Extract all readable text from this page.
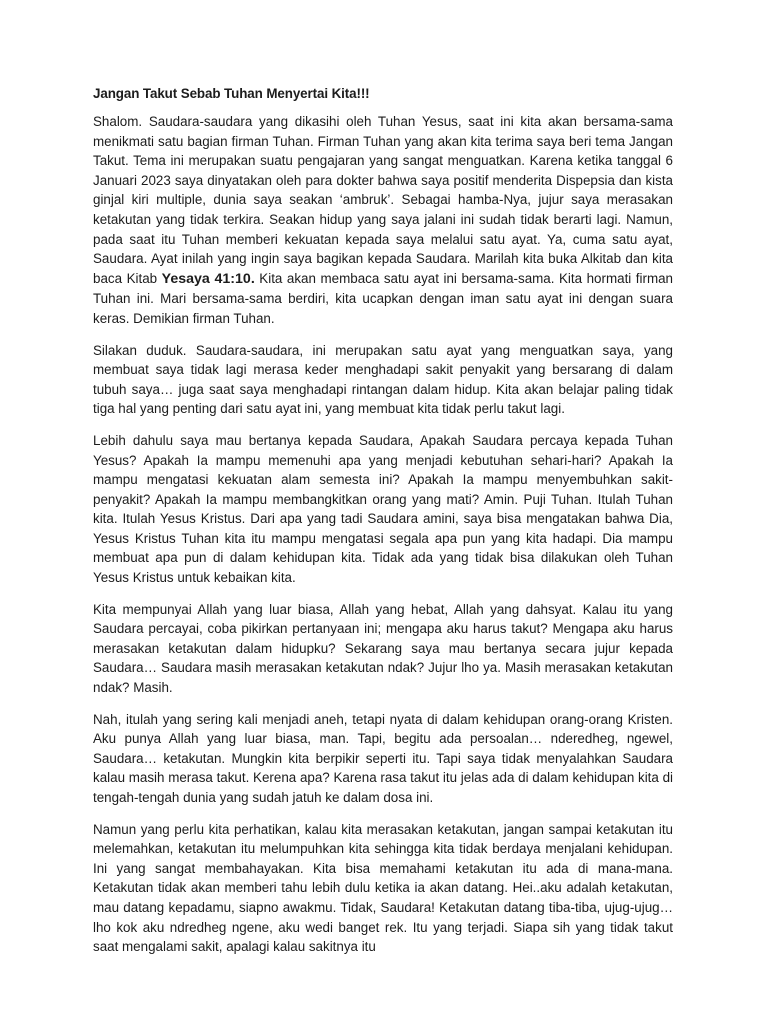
Jangan Takut Sebab Tuhan Menyertai Kita!!!

Shalom. Saudara-saudara yang dikasihi oleh Tuhan Yesus, saat ini kita akan bersama-sama menikmati satu bagian firman Tuhan. Firman Tuhan yang akan kita terima saya beri tema Jangan Takut. Tema ini merupakan suatu pengajaran yang sangat menguatkan. Karena ketika tanggal 6 Januari 2023 saya dinyatakan oleh para dokter bahwa saya positif menderita Dispepsia dan kista ginjal kiri multiple, dunia saya seakan ‘ambruk’. Sebagai hamba-Nya, jujur saya merasakan ketakutan yang tidak terkira. Seakan hidup yang saya jalani ini sudah tidak berarti lagi. Namun, pada saat itu Tuhan memberi kekuatan kepada saya melalui satu ayat. Ya, cuma satu ayat, Saudara. Ayat inilah yang ingin saya bagikan kepada Saudara. Marilah kita buka Alkitab dan kita baca Kitab Yesaya 41:10. Kita akan membaca satu ayat ini bersama-sama. Kita hormati firman Tuhan ini. Mari bersama-sama berdiri, kita ucapkan dengan iman satu ayat ini dengan suara keras. Demikian firman Tuhan.

Silakan duduk. Saudara-saudara, ini merupakan satu ayat yang menguatkan saya, yang membuat saya tidak lagi merasa keder menghadapi sakit penyakit yang bersarang di dalam tubuh saya… juga saat saya menghadapi rintangan dalam hidup. Kita akan belajar paling tidak tiga hal yang penting dari satu ayat ini, yang membuat kita tidak perlu takut lagi.

Lebih dahulu saya mau bertanya kepada Saudara, Apakah Saudara percaya kepada Tuhan Yesus? Apakah Ia mampu memenuhi apa yang menjadi kebutuhan sehari-hari? Apakah Ia mampu mengatasi kekuatan alam semesta ini? Apakah Ia mampu menyembuhkan sakit-penyakit? Apakah Ia mampu membangkitkan orang yang mati? Amin. Puji Tuhan. Itulah Tuhan kita. Itulah Yesus Kristus. Dari apa yang tadi Saudara amini, saya bisa mengatakan bahwa Dia, Yesus Kristus Tuhan kita itu mampu mengatasi segala apa pun yang kita hadapi. Dia mampu membuat apa pun di dalam kehidupan kita. Tidak ada yang tidak bisa dilakukan oleh Tuhan Yesus Kristus untuk kebaikan kita.

Kita mempunyai Allah yang luar biasa, Allah yang hebat, Allah yang dahsyat. Kalau itu yang Saudara percayai, coba pikirkan pertanyaan ini; mengapa aku harus takut? Mengapa aku harus merasakan ketakutan dalam hidupku? Sekarang saya mau bertanya secara jujur kepada Saudara… Saudara masih merasakan ketakutan ndak? Jujur lho ya. Masih merasakan ketakutan ndak? Masih.

Nah, itulah yang sering kali menjadi aneh, tetapi nyata di dalam kehidupan orang-orang Kristen. Aku punya Allah yang luar biasa, man. Tapi, begitu ada persoalan… nderedheg, ngewel, Saudara… ketakutan. Mungkin kita berpikir seperti itu. Tapi saya tidak menyalahkan Saudara kalau masih merasa takut. Kerena apa? Karena rasa takut itu jelas ada di dalam kehidupan kita di tengah-tengah dunia yang sudah jatuh ke dalam dosa ini.

Namun yang perlu kita perhatikan, kalau kita merasakan ketakutan, jangan sampai ketakutan itu melemahkan, ketakutan itu melumpuhkan kita sehingga kita tidak berdaya menjalani kehidupan. Ini yang sangat membahayakan. Kita bisa memahami ketakutan itu ada di mana-mana. Ketakutan tidak akan memberi tahu lebih dulu ketika ia akan datang. Hei..aku adalah ketakutan, mau datang kepadamu, siapno awakmu. Tidak, Saudara! Ketakutan datang tiba-tiba, ujug-ujug… lho kok aku ndredheg ngene, aku wedi banget rek. Itu yang terjadi. Siapa sih yang tidak takut saat mengalami sakit, apalagi kalau sakitnya itu
